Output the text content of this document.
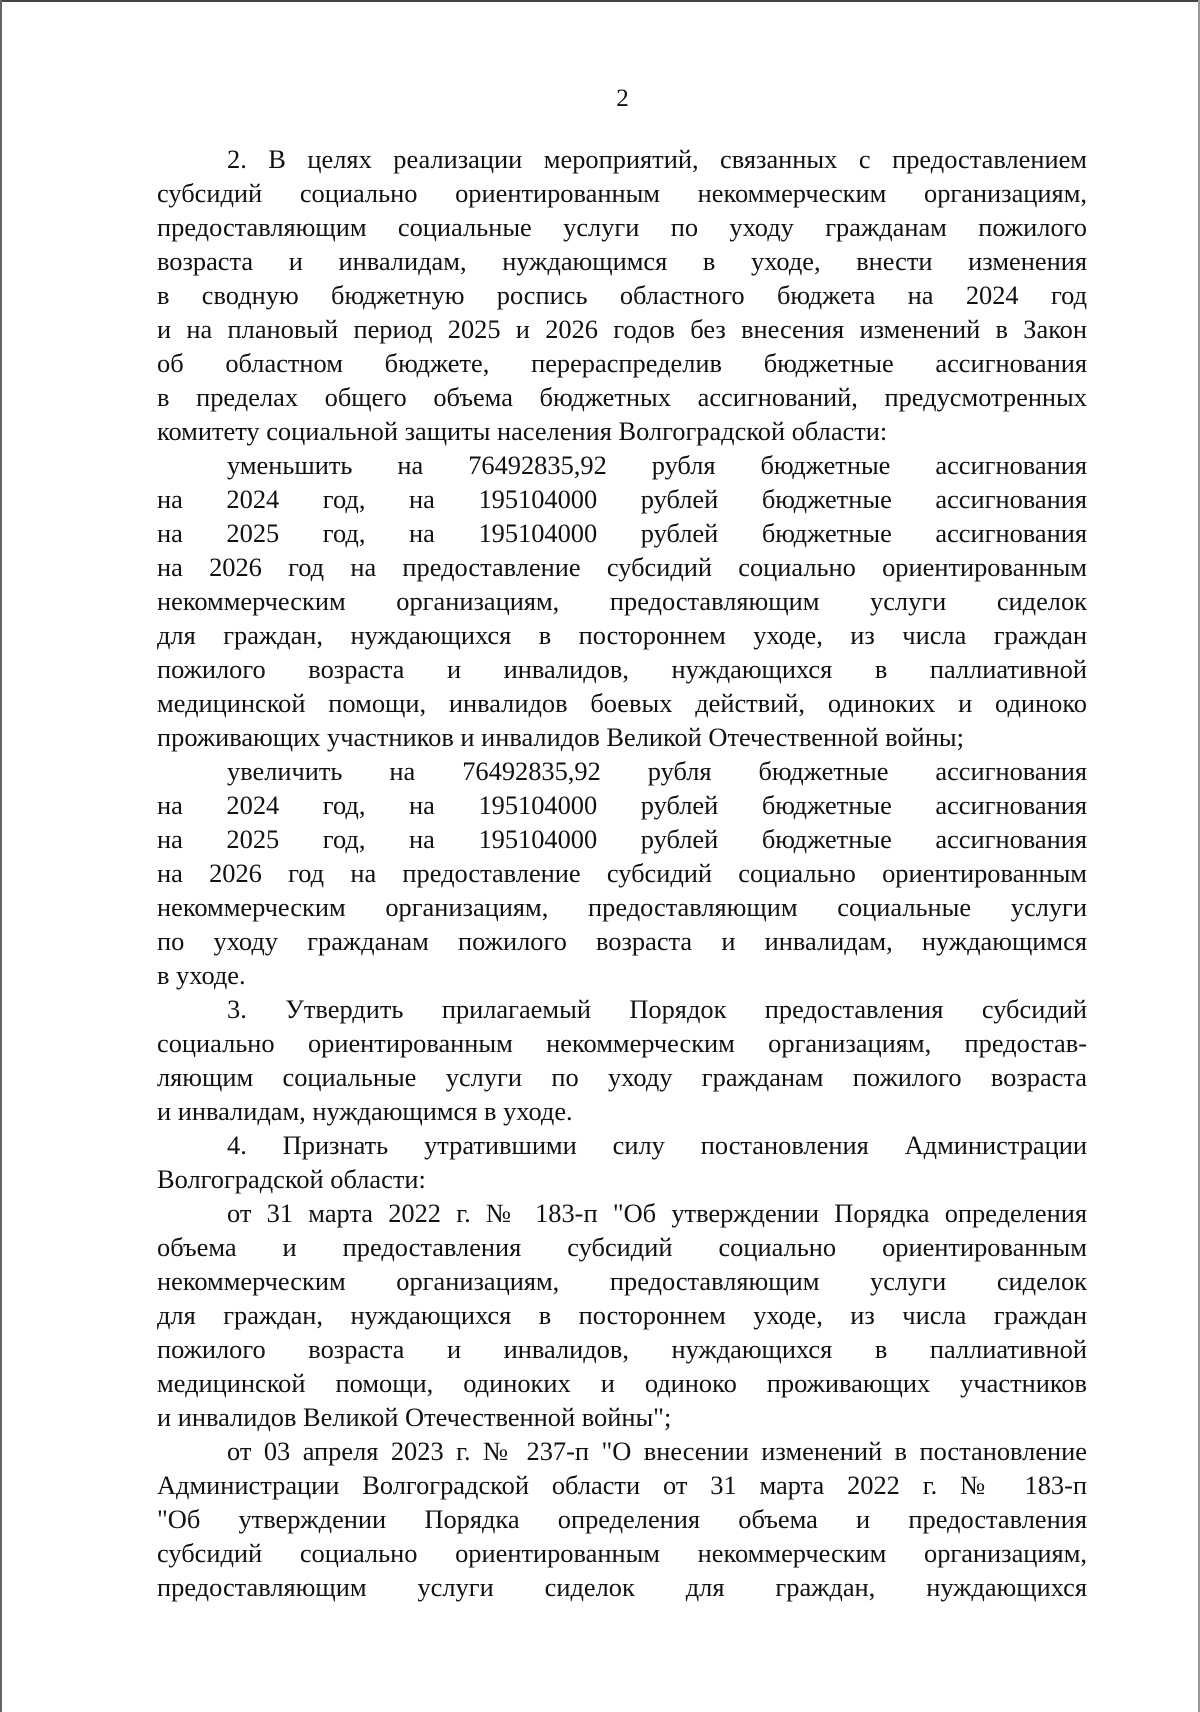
2
2. В целях реализации мероприятий, связанных с предоставлением
субсидий социально ориентированным некоммерческим организациям,
предоставляющим социальные услуги по уходу гражданам пожилого
возраста и инвалидам, нуждающимся в уходе, внести изменения
в сводную бюджетную роспись областного бюджета на 2024 год
и на плановый период 2025 и 2026 годов без внесения изменений в Закон
об областном бюджете, перераспределив бюджетные ассигнования
в пределах общего объема бюджетных ассигнований, предусмотренных
комитету социальной защиты населения Волгоградской области:
уменьшить на 76492835,92 рубля бюджетные ассигнования
на 2024 год, на 195104000 рублей бюджетные ассигнования
на 2025 год, на 195104000 рублей бюджетные ассигнования
на 2026 год на предоставление субсидий социально ориентированным
некоммерческим организациям, предоставляющим услуги сиделок
для граждан, нуждающихся в постороннем уходе, из числа граждан
пожилого возраста и инвалидов, нуждающихся в паллиативной
медицинской помощи, инвалидов боевых действий, одиноких и одиноко
проживающих участников и инвалидов Великой Отечественной войны;
увеличить на 76492835,92 рубля бюджетные ассигнования
на 2024 год, на 195104000 рублей бюджетные ассигнования
на 2025 год, на 195104000 рублей бюджетные ассигнования
на 2026 год на предоставление субсидий социально ориентированным
некоммерческим организациям, предоставляющим социальные услуги
по уходу гражданам пожилого возраста и инвалидам, нуждающимся
в уходе.
3. Утвердить прилагаемый Порядок предоставления субсидий
социально ориентированным некоммерческим организациям, предостав-
ляющим социальные услуги по уходу гражданам пожилого возраста
и инвалидам, нуждающимся в уходе.
4. Признать утратившими силу постановления Администрации
Волгоградской области:
от 31 марта 2022 г. № 183-п "Об утверждении Порядка определения
объема и предоставления субсидий социально ориентированным
некоммерческим организациям, предоставляющим услуги сиделок
для граждан, нуждающихся в постороннем уходе, из числа граждан
пожилого возраста и инвалидов, нуждающихся в паллиативной
медицинской помощи, одиноких и одиноко проживающих участников
и инвалидов Великой Отечественной войны";
от 03 апреля 2023 г. № 237-п "О внесении изменений в постановление
Администрации Волгоградской области от 31 марта 2022 г. № 183-п
"Об утверждении Порядка определения объема и предоставления
субсидий социально ориентированным некоммерческим организациям,
предоставляющим услуги сиделок для граждан, нуждающихся
